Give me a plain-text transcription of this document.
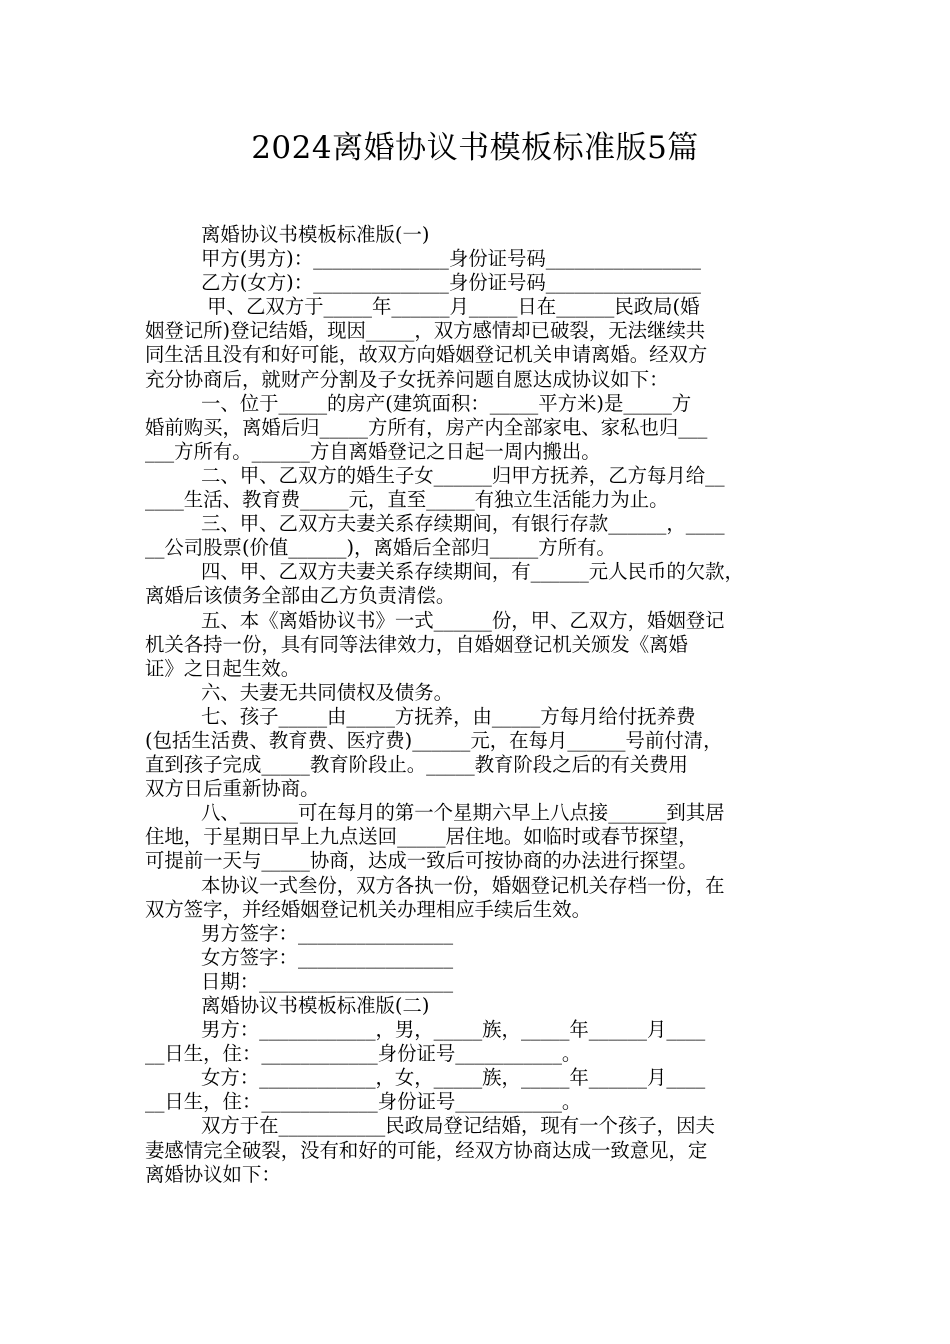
2024离婚协议书模板标准版5篇
离婚协议书模板标准版(一)
甲方(男方)：______________身份证号码________________
乙方(女方)：______________身份证号码________________
甲、乙双方于_____年______月_____日在______民政局(婚
姻登记所)登记结婚，现因_____，双方感情却已破裂，无法继续共
同生活且没有和好可能，故双方向婚姻登记机关申请离婚。经双方
充分协商后，就财产分割及子女抚养问题自愿达成协议如下：
一、位于_____的房产(建筑面积：_____平方米)是_____方
婚前购买，离婚后归_____方所有，房产内全部家电、家私也归___
___方所有。______方自离婚登记之日起一周内搬出。
二、甲、乙双方的婚生子女______归甲方抚养，乙方每月给__
____生活、教育费_____元，直至_____有独立生活能力为止。
三、甲、乙双方夫妻关系存续期间，有银行存款______，____
__公司股票(价值______)，离婚后全部归_____方所有。
四、甲、乙双方夫妻关系存续期间，有______元人民币的欠款，
离婚后该债务全部由乙方负责清偿。
五、本《离婚协议书》一式______份，甲、乙双方，婚姻登记
机关各持一份，具有同等法律效力，自婚姻登记机关颁发《离婚
证》之日起生效。
六、夫妻无共同债权及债务。
七、孩子_____由_____方抚养，由_____方每月给付抚养费
(包括生活费、教育费、医疗费)______元，在每月______号前付清，
直到孩子完成_____教育阶段止。_____教育阶段之后的有关费用
双方日后重新协商。
八、______可在每月的第一个星期六早上八点接______到其居
住地，于星期日早上九点送回_____居住地。如临时或春节探望，
可提前一天与_____协商，达成一致后可按协商的办法进行探望。
本协议一式叁份，双方各执一份，婚姻登记机关存档一份，在
双方签字，并经婚姻登记机关办理相应手续后生效。
男方签字：________________
女方签字：________________
日期：____________________
离婚协议书模板标准版(二)
男方：____________，男，_____族，_____年______月____
__日生，住：____________身份证号___________。
女方：____________，女，_____族，_____年______月____
__日生，住：____________身份证号___________。
双方于在___________民政局登记结婚，现有一个孩子，因夫
妻感情完全破裂，没有和好的可能，经双方协商达成一致意见，定
离婚协议如下：
